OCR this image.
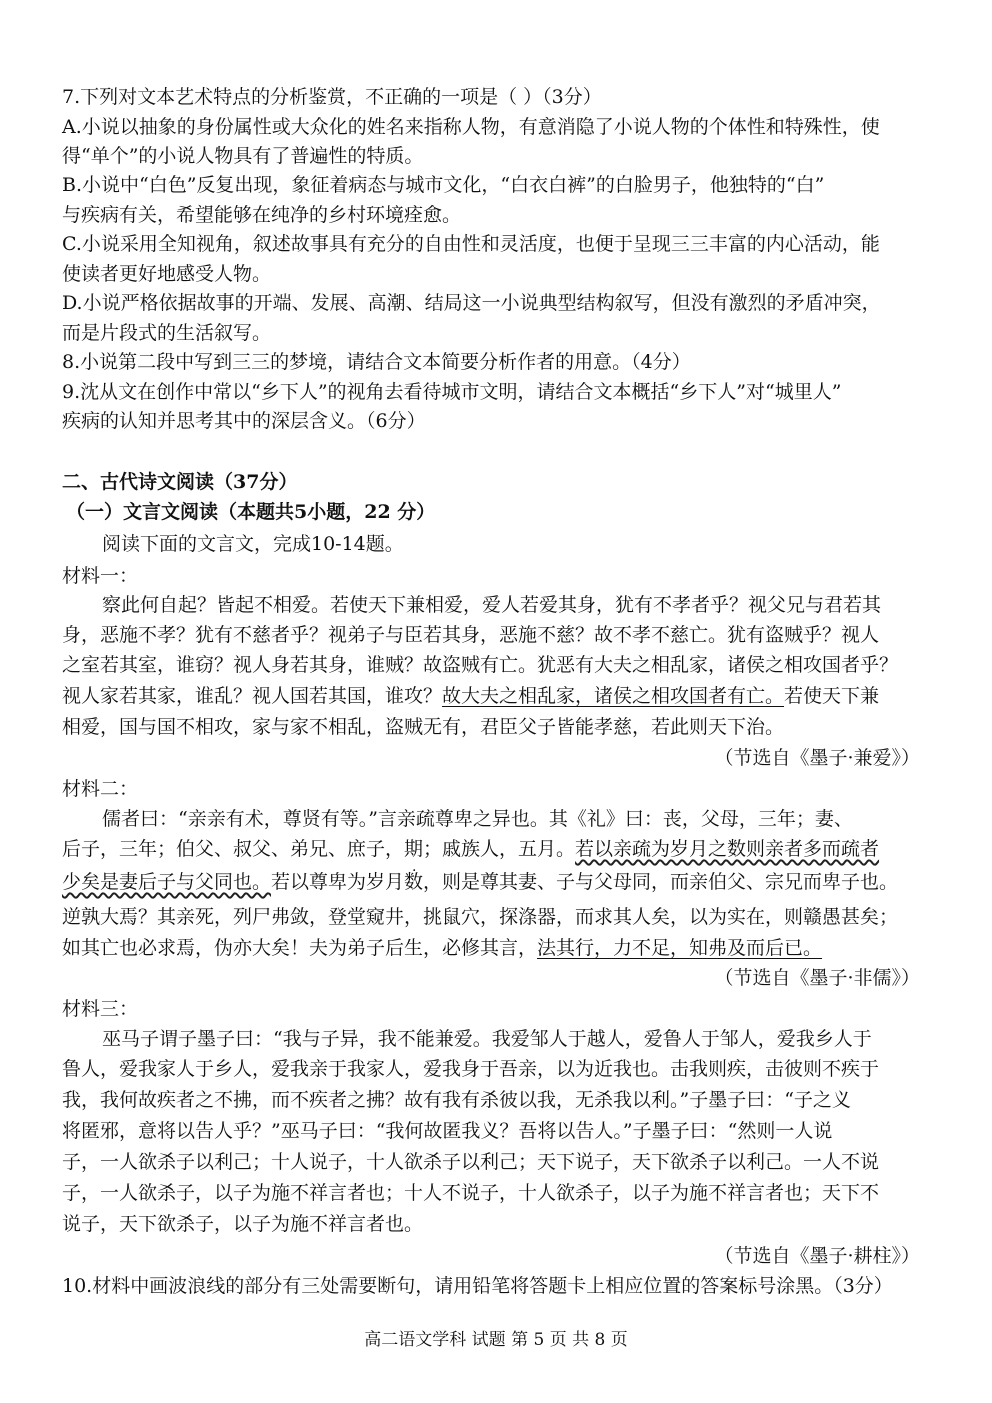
7.下列对文本艺术特点的分析鉴赏，不正确的一项是（ ）（3分）
A.小说以抽象的身份属性或大众化的姓名来指称人物，有意消隐了小说人物的个体性和特殊性，使
得“单个”的小说人物具有了普遍性的特质。
B.小说中“白色”反复出现，象征着病态与城市文化，“白衣白裤”的白脸男子，他独特的“白”
与疾病有关，希望能够在纯净的乡村环境痊愈。
C.小说采用全知视角，叙述故事具有充分的自由性和灵活度，也便于呈现三三丰富的内心活动，能
使读者更好地感受人物。
D.小说严格依据故事的开端、发展、高潮、结局这一小说典型结构叙写，但没有激烈的矛盾冲突，
而是片段式的生活叙写。
8.小说第二段中写到三三的梦境，请结合文本简要分析作者的用意。（4分）
9.沈从文在创作中常以“乡下人”的视角去看待城市文明，请结合文本概括“乡下人”对“城里人”
疾病的认知并思考其中的深层含义。（6分）
二、古代诗文阅读（37分）
（一）文言文阅读（本题共5小题，22 分）
阅读下面的文言文，完成10-14题。
材料一：
察此何自起？皆起不相爱。若使天下兼相爱，爱人若爱其身，犹有不孝者乎？视父兄与君若其
身，恶施不孝？犹有不慈者乎？视弟子与臣若其身，恶施不慈？故不孝不慈亡。犹有盗贼乎？视人
之室若其室，谁窃？视人身若其身，谁贼？故盗贼有亡。犹恶有大夫之相乱家，诸侯之相攻国者乎？
视人家若其家，谁乱？视人国若其国，谁攻？故大夫之相乱家，诸侯之相攻国者有亡。若使天下兼
相爱，国与国不相攻，家与家不相乱，盗贼无有，君臣父子皆能孝慈，若此则天下治。
（节选自《墨子·兼爱》）
材料二：
儒者曰：“亲亲有术，尊贤有等。”言亲疏尊卑之异也。其《礼》曰：丧，父母，三年；妻、
后子，三年；伯父、叔父、弟兄、庶子，期；戚族人，五月。若以亲疏为岁月之数则亲者多而疏者
少矣是妻后子与父同也。若以尊卑为岁月数，则是尊其妻、子与父母同，而亲伯父、宗兄而卑子也。
逆孰大焉？其亲死，列尸弗敛，登堂窥井，挑鼠穴，探涤器，而求其人矣，以为实在，则赣愚甚矣；
如其亡也必求焉，伪亦大矣！夫为弟子后生，必修其言，法其行，力不足，知弗及而后已。
（节选自《墨子·非儒》）
材料三：
巫马子谓子墨子曰：“我与子异，我不能兼爱。我爱邹人于越人，爱鲁人于邹人，爱我乡人于
鲁人，爱我家人于乡人，爱我亲于我家人，爱我身于吾亲，以为近我也。击我则疾，击彼则不疾于
我，我何故疾者之不拂，而不疾者之拂？故有我有杀彼以我，无杀我以利。”子墨子曰：“子之义
将匿邪，意将以告人乎？”巫马子曰：“我何故匿我义？吾将以告人。”子墨子曰：“然则一人说
子，一人欲杀子以利己；十人说子，十人欲杀子以利己；天下说子，天下欲杀子以利己。一人不说
子，一人欲杀子，以子为施不祥言者也；十人不说子，十人欲杀子，以子为施不祥言者也；天下不
说子，天下欲杀子，以子为施不祥言者也。
（节选自《墨子·耕柱》）
10.材料中画波浪线的部分有三处需要断句，请用铅笔将答题卡上相应位置的答案标号涂黑。（3分）
高二语文学科 试题 第 5 页 共 8 页
